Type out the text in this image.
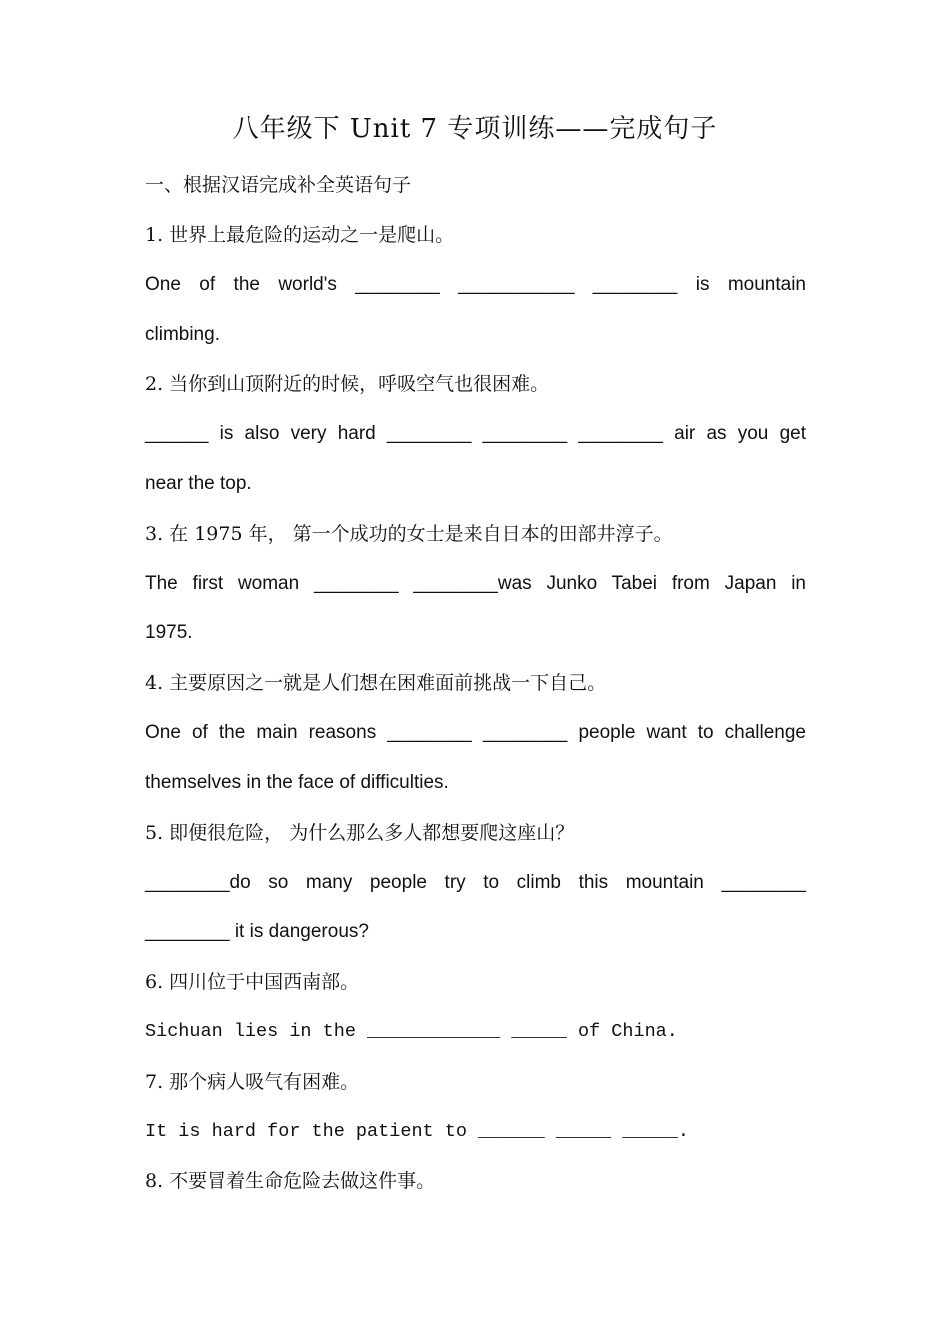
八年级下 Unit 7 专项训练——完成句子
一、根据汉语完成补全英语句子
1. 世界上最危险的运动之一是爬山。
One of the world's ________ ___________ ________ is mountain
climbing.
2. 当你到山顶附近的时候，呼吸空气也很困难。
______ is also very hard ________ ________ ________ air as you get
near the top.
3. 在 1975 年， 第一个成功的女士是来自日本的田部井淳子。
The first woman ________ ________was Junko Tabei from Japan in
1975.
4. 主要原因之一就是人们想在困难面前挑战一下自己。
One of the main reasons ________ ________ people want to challenge
themselves in the face of difficulties.
5. 即便很危险， 为什么那么多人都想要爬这座山？
________do so many people try to climb this mountain ________
________ it is dangerous?
6. 四川位于中国西南部。
Sichuan lies in the ____________ _____ of China.
7. 那个病人吸气有困难。
It is hard for the patient to ______ _____ _____.
8. 不要冒着生命危险去做这件事。
